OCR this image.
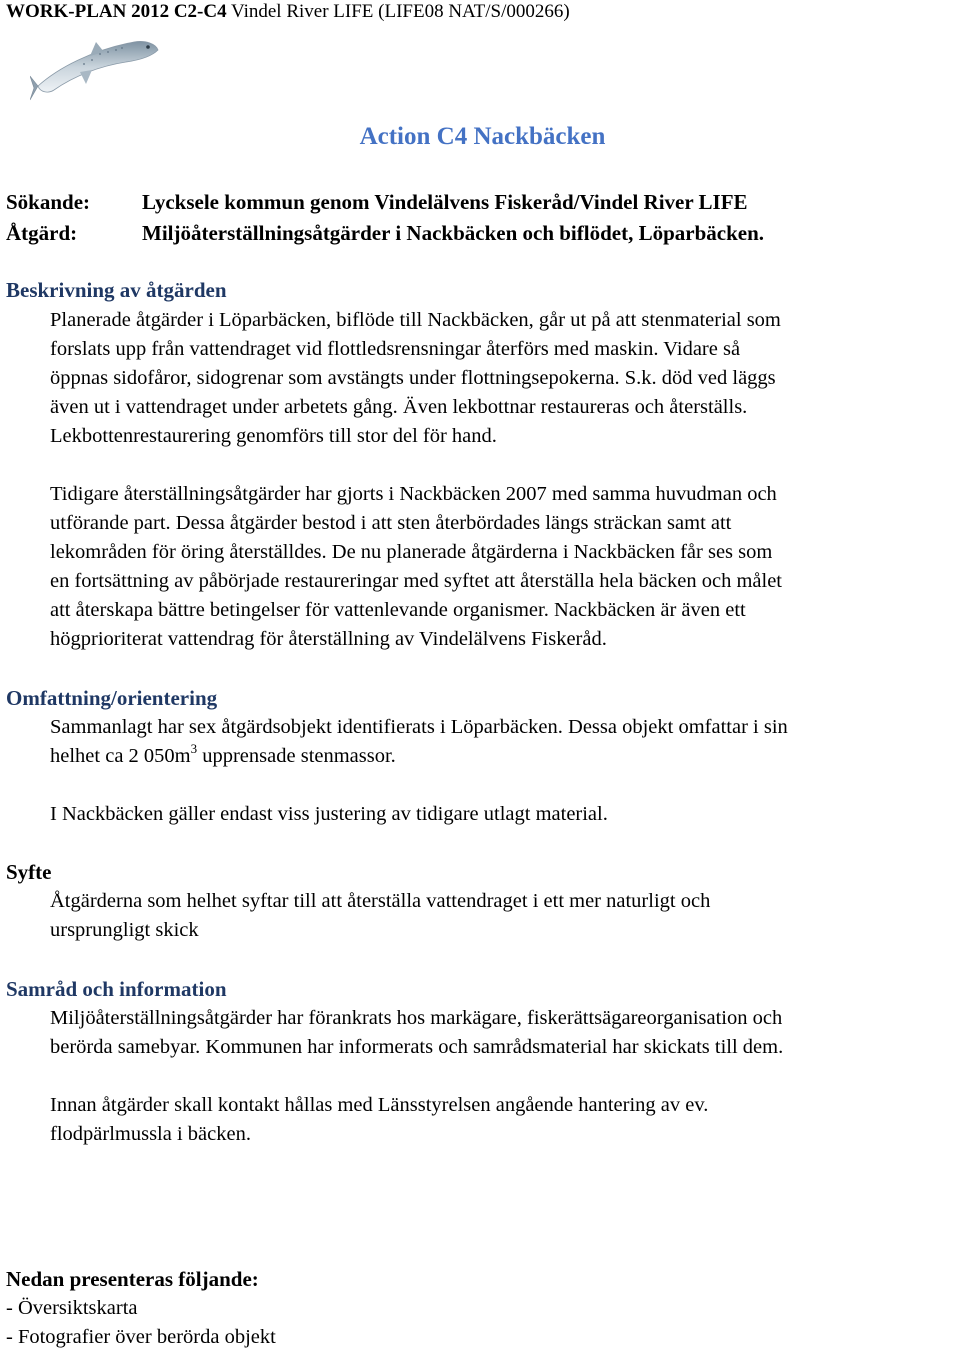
WORK-PLAN 2012 C2-C4 Vindel River LIFE (LIFE08 NAT/S/000266)
Action C4 Nackbäcken
Sökande: Lycksele kommun genom Vindelälvens Fiskeråd/Vindel River LIFE
Åtgärd:	Miljöåterställningsåtgärder i Nackbäcken och biflödet, Löparbäcken.
Beskrivning av åtgärden
Planerade åtgärder i Löparbäcken, biflöde till Nackbäcken, går ut på att stenmaterial som
forslats upp från vattendraget vid flottledsrensningar återförs med maskin. Vidare så
öppnas sidofåror, sidogrenar som avstängts under flottningsepokerna. S.k. död ved läggs
även ut i vattendraget under arbetets gång. Även lekbottnar restaureras och återställs.
Lekbottenrestaurering genomförs till stor del för hand.
Tidigare återställningsåtgärder har gjorts i Nackbäcken 2007 med samma huvudman och
utförande part. Dessa åtgärder bestod i att sten återbördades längs sträckan samt att
lekområden för öring återställdes. De nu planerade åtgärderna i Nackbäcken får ses som
en fortsättning av påbörjade restaureringar med syftet att återställa hela bäcken och målet
att återskapa bättre betingelser för vattenlevande organismer. Nackbäcken är även ett
högprioriterat vattendrag för återställning av Vindelälvens Fiskeråd.
Omfattning/orientering
Sammanlagt har sex åtgärdsobjekt identifierats i Löparbäcken. Dessa objekt omfattar i sin
helhet ca 2 $050m^3$ upprensade stenmassor.
I Nackbäcken gäller endast viss justering av tidigare utlagt material.
Syfte
Åtgärderna som helhet syftar till att återställa vattendraget i ett mer naturligt och
ursprungligt skick
Samråd och information
Miljöåterställningsåtgärder har förankrats hos markägare, fiskerättsägareorganisation och
berörda samebyar. Kommunen har informerats och samrådsmaterial har skickats till dem.
Innan åtgärder skall kontakt hållas med Länsstyrelsen angående hantering av ev.
flodpärlmussla i bäcken.
Nedan presenteras följande:
- Översiktskarta
- Fotografier över berörda objekt
